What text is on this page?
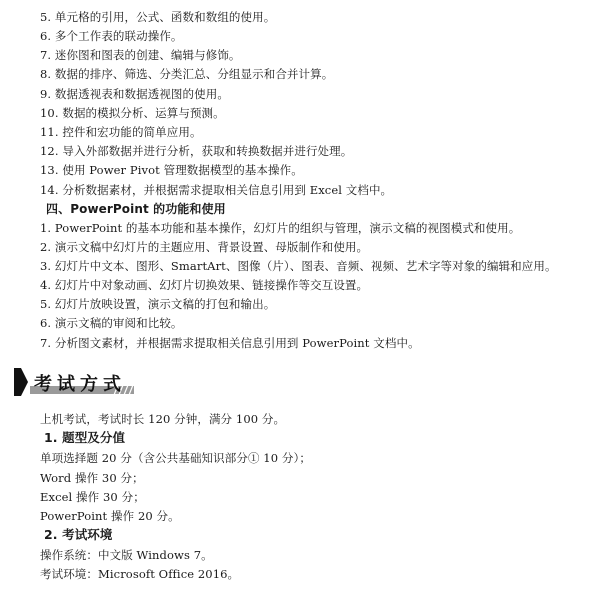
5. 单元格的引用，公式、函数和数组的使用。
6. 多个工作表的联动操作。
7. 迷你图和图表的创建、编辑与修饰。
8. 数据的排序、筛选、分类汇总、分组显示和合并计算。
9. 数据透视表和数据透视图的使用。
10. 数据的模拟分析、运算与预测。
11. 控件和宏功能的简单应用。
12. 导入外部数据并进行分析，获取和转换数据并进行处理。
13. 使用 Power Pivot 管理数据模型的基本操作。
14. 分析数据素材，并根据需求提取相关信息引用到 Excel 文档中。
四、PowerPoint 的功能和使用
1. PowerPoint 的基本功能和基本操作，幻灯片的组织与管理，演示文稿的视图模式和使用。
2. 演示文稿中幻灯片的主题应用、背景设置、母版制作和使用。
3. 幻灯片中文本、图形、SmartArt、图像（片）、图表、音频、视频、艺术字等对象的编辑和应用。
4. 幻灯片中对象动画、幻灯片切换效果、链接操作等交互设置。
5. 幻灯片放映设置，演示文稿的打包和输出。
6. 演示文稿的审阅和比较。
7. 分析图文素材，并根据需求提取相关信息引用到 PowerPoint 文档中。
考试方式
上机考试，考试时长 120 分钟，满分 100 分。
1. 题型及分值
单项选择题 20 分（含公共基础知识部分① 10 分）；
Word 操作 30 分；
Excel 操作 30 分；
PowerPoint 操作 20 分。
2. 考试环境
操作系统：中文版 Windows 7。
考试环境：Microsoft Office 2016。
